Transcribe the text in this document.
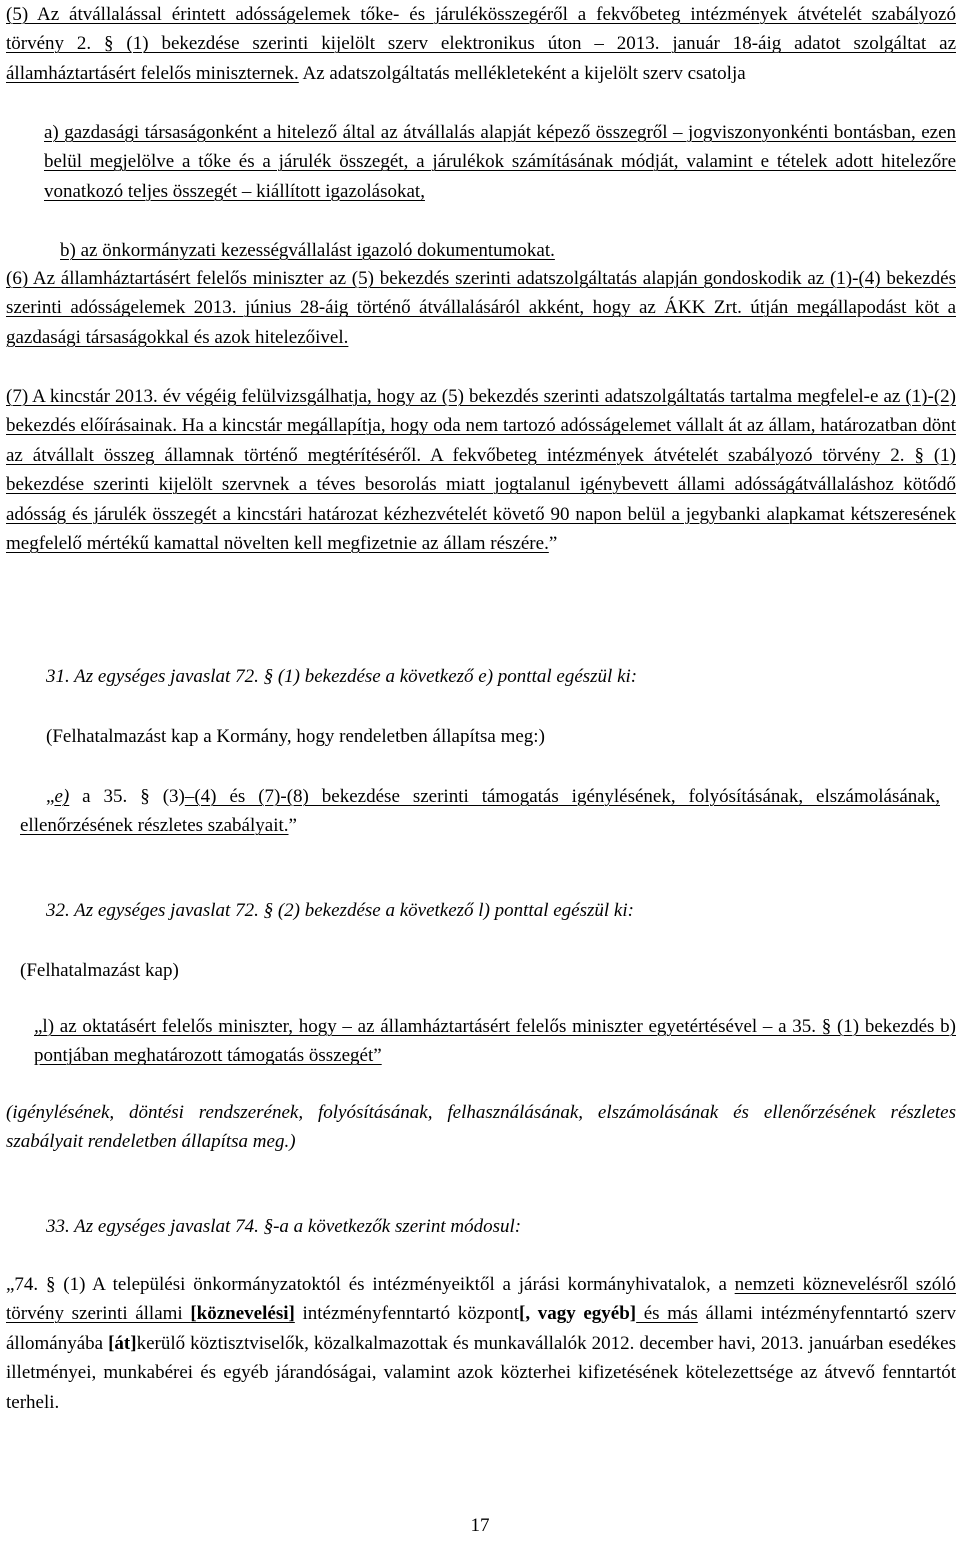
(5) Az átvállalással érintett adósságelemek tőke- és járulékösszegéről a fekvőbeteg intézmények átvételét szabályozó törvény 2. § (1) bekezdése szerinti kijelölt szerv elektronikus úton – 2013. január 18-áig adatot szolgáltat az államháztartásért felelős miniszternek. Az adatszolgáltatás mellékleteként a kijelölt szerv csatolja

a) gazdasági társaságonként a hitelező által az átvállalás alapját képező összegről – jogviszonyonkénti bontásban, ezen belül megjelölve a tőke és a járulék összegét, a járulékok számításának módját, valamint e tételek adott hitelezőre vonatkozó teljes összegét – kiállított igazolásokat,

b) az önkormányzati kezességvállalást igazoló dokumentumokat.

(6) Az államháztartásért felelős miniszter az (5) bekezdés szerinti adatszolgáltatás alapján gondoskodik az (1)-(4) bekezdés szerinti adósságelemek 2013. június 28-áig történő átvállalásáról akként, hogy az ÁKK Zrt. útján megállapodást köt a gazdasági társaságokkal és azok hitelezőivel.

(7) A kincstár 2013. év végéig felülvizsgálhatja, hogy az (5) bekezdés szerinti adatszolgáltatás tartalma megfelel-e az (1)-(2) bekezdés előírásainak. Ha a kincstár megállapítja, hogy oda nem tartozó adósságelemet vállalt át az állam, határozatban dönt az átvállalt összeg államnak történő megtérítéséről. A fekvőbeteg intézmények átvételét szabályozó törvény 2. § (1) bekezdése szerinti kijelölt szervnek a téves besorolás miatt jogtalanul igénybevett állami adósságátvállaláshoz kötődő adósság és járulék összegét a kincstári határozat kézhezvételét követő 90 napon belül a jegybanki alapkamat kétszeresének megfelelő mértékű kamattal növelten kell megfizetnie az állam részére.”

31. Az egységes javaslat 72. § (1) bekezdése a következő e) ponttal egészül ki:

(Felhatalmazást kap a Kormány, hogy rendeletben állapítsa meg:)

„e) a 35. § (3)–(4) és (7)-(8) bekezdése szerinti támogatás igénylésének, folyósításának, elszámolásának, ellenőrzésének részletes szabályait.”

32. Az egységes javaslat 72. § (2) bekezdése a következő l) ponttal egészül ki:

(Felhatalmazást kap)

„l) az oktatásért felelős miniszter, hogy – az államháztartásért felelős miniszter egyetértésével – a 35. § (1) bekezdés b) pontjában meghatározott támogatás összegét”

(igénylésének, döntési rendszerének, folyósításának, felhasználásának, elszámolásának és ellenőrzésének részletes szabályait rendeletben állapítsa meg.)

33. Az egységes javaslat 74. §-a a következők szerint módosul:

„74. § (1) A települési önkormányzatoktól és intézményeiktől a járási kormányhivatalok, a nemzeti köznevelésről szóló törvény szerinti állami [köznevelési] intézményfenntartó központ[, vagy egyéb] és más állami intézményfenntartó szerv állományába [át]kerülő köztisztviselők, közalkalmazottak és munkavállalók 2012. december havi, 2013. januárban esedékes illetményei, munkabérei és egyéb járandóságai, valamint azok közterhei kifizetésének kötelezettsége az átvevő fenntartót terheli.

17
